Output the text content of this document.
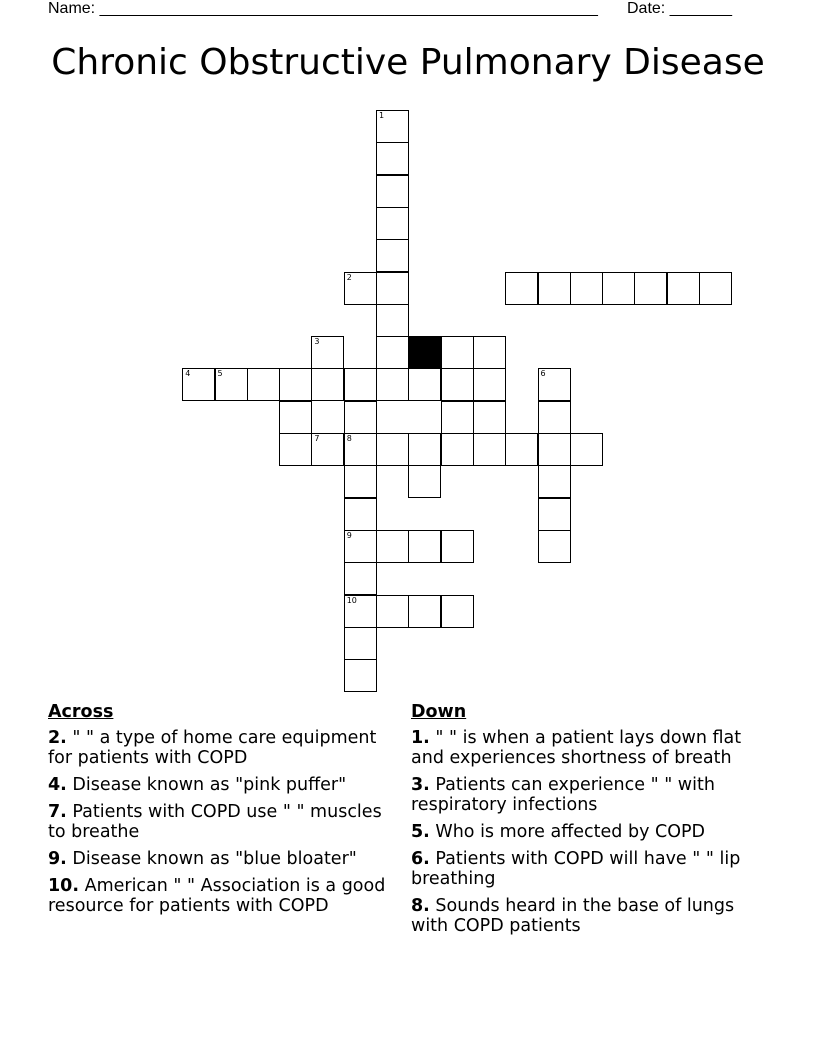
Name: ________________________________________________________ Date: _______
Chronic Obstructive Pulmonary Disease
1
8
9
10
7
6
2
3
4	5
Across
2. " " a type of home care equipment for patients with COPD
4. Disease known as "pink puffer"
7. Patients with COPD use " " muscles to breathe
9. Disease known as "blue bloater"
10. American " " Association is a good resource for patients with COPD
Down
1. " " is when a patient lays down flat and experiences shortness of breath
3. Patients can experience " " with respiratory infections
5. Who is more affected by COPD
6. Patients with COPD will have " " lip breathing
8. Sounds heard in the base of lungs with COPD patients
